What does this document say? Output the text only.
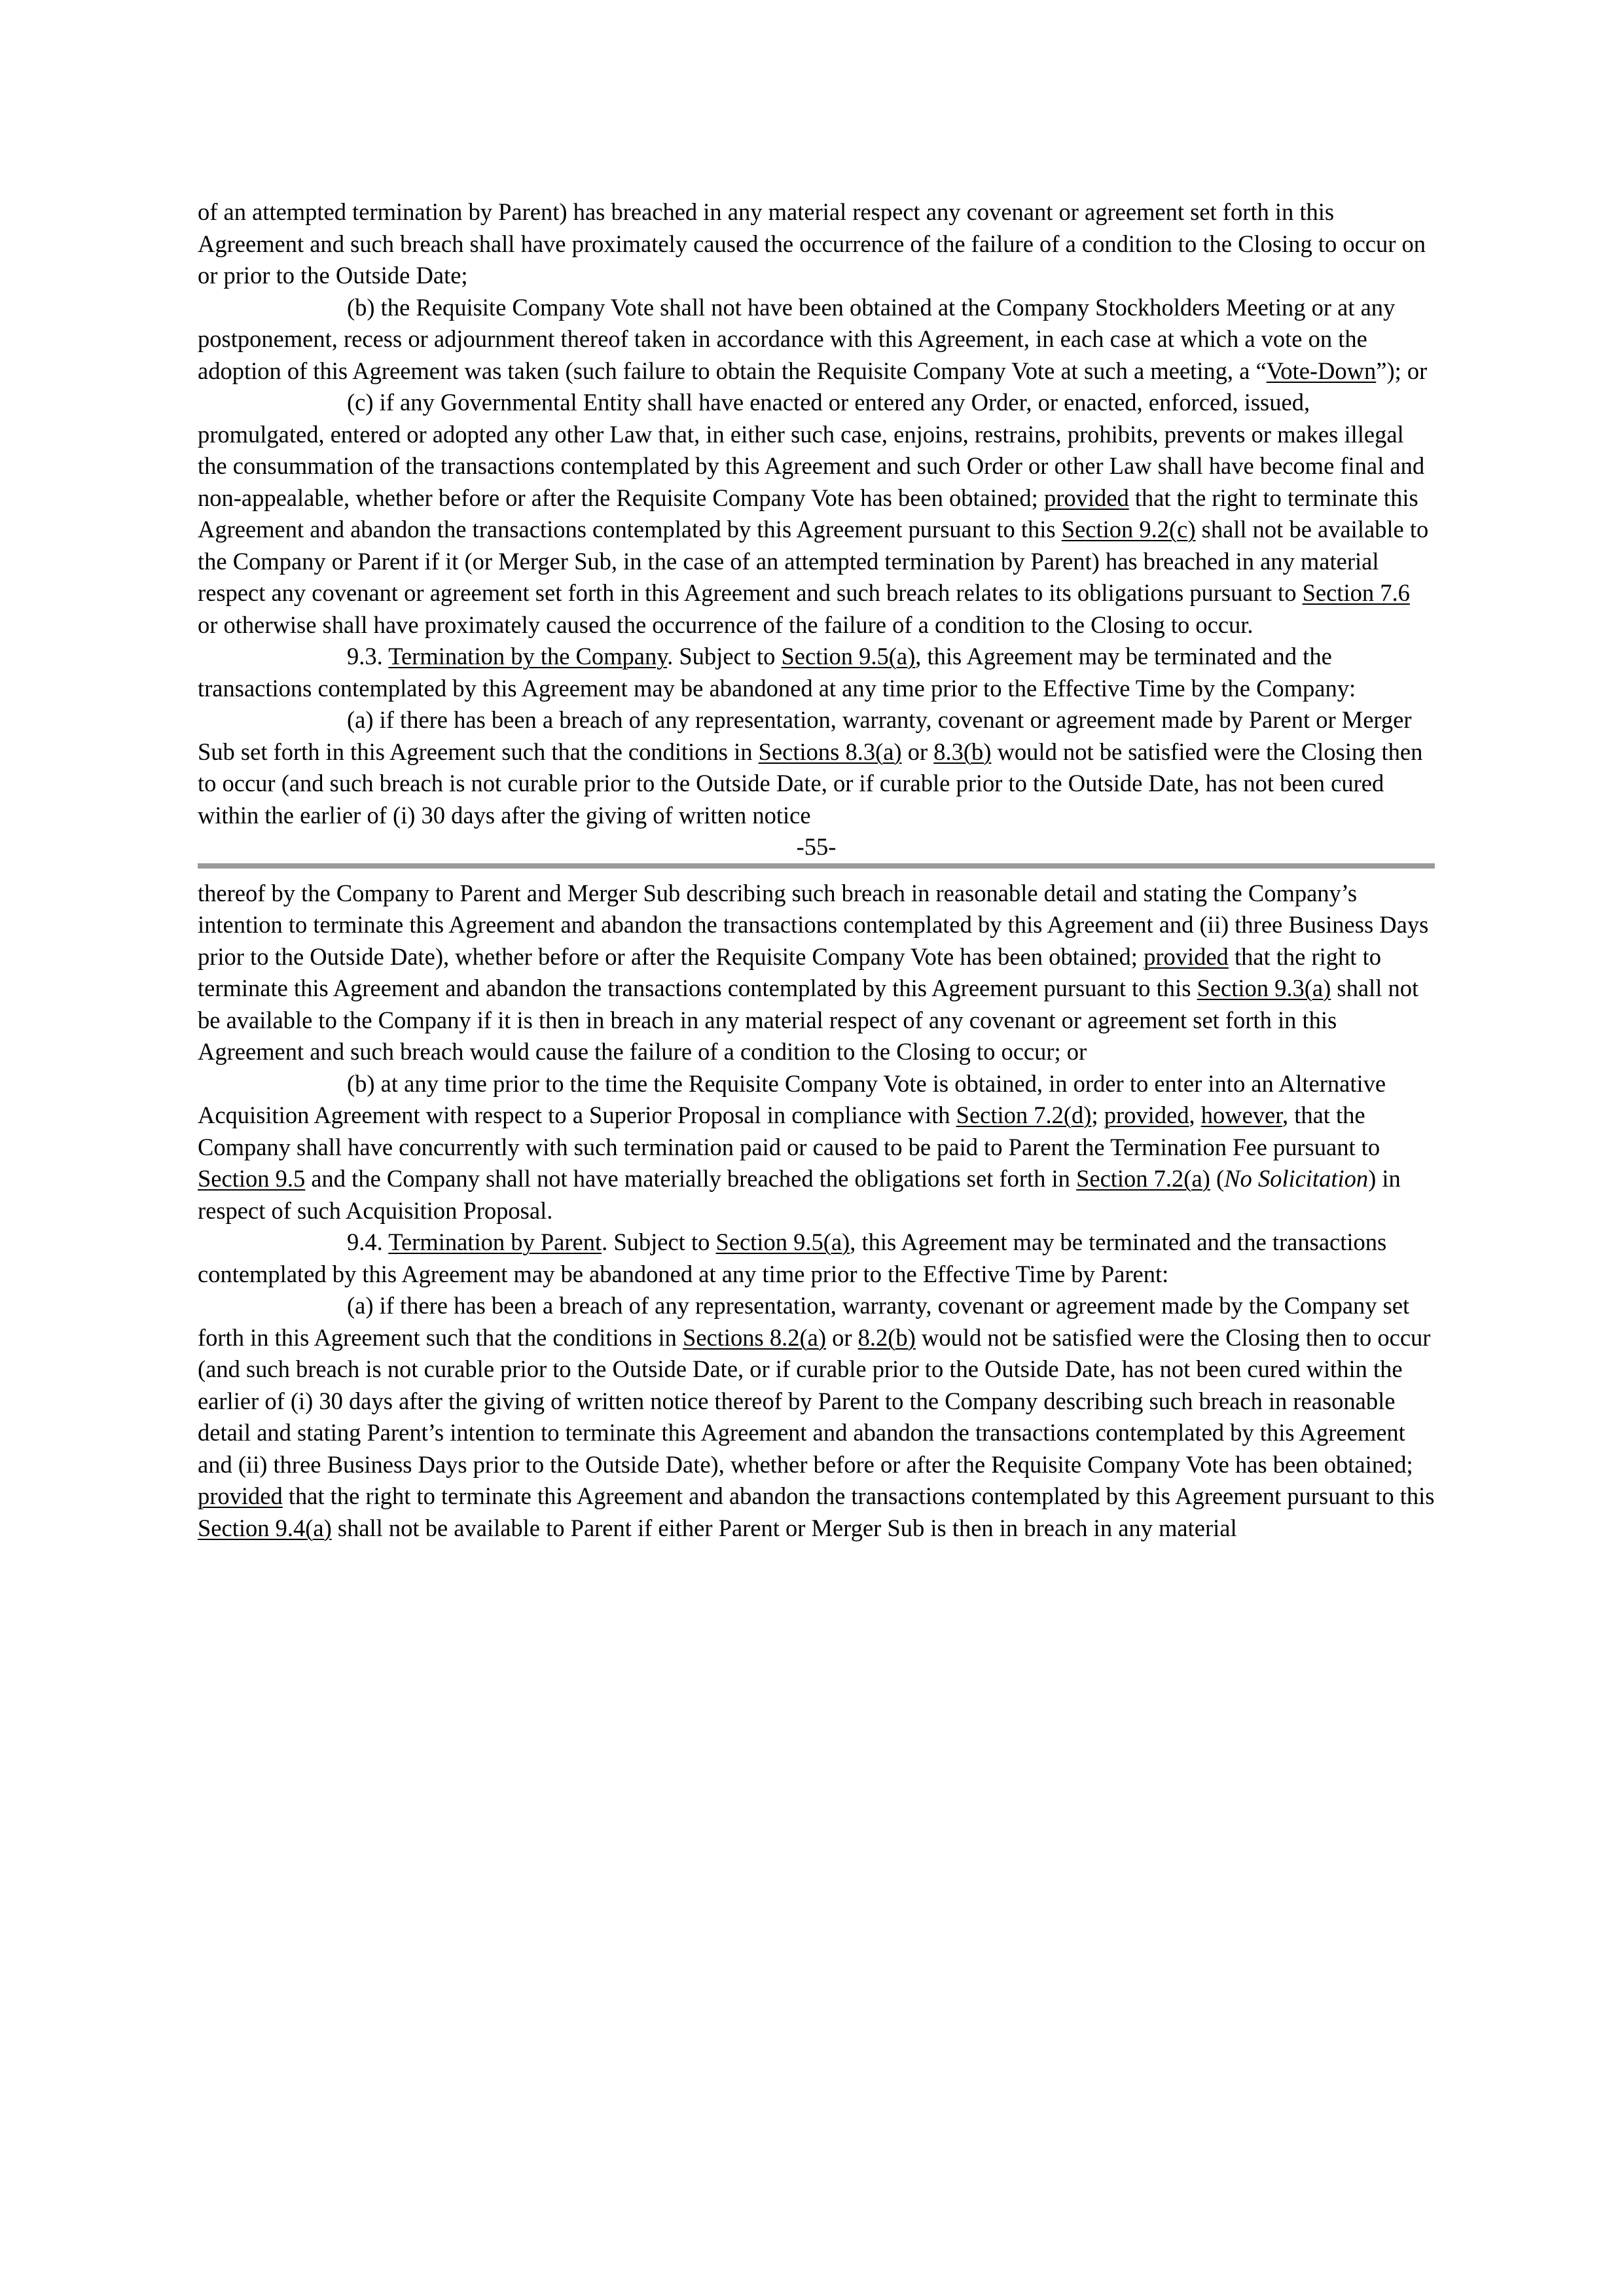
of an attempted termination by Parent) has breached in any material respect any covenant or agreement set forth in this Agreement and such breach shall have proximately caused the occurrence of the failure of a condition to the Closing to occur on or prior to the Outside Date;

(b) the Requisite Company Vote shall not have been obtained at the Company Stockholders Meeting or at any postponement, recess or adjournment thereof taken in accordance with this Agreement, in each case at which a vote on the adoption of this Agreement was taken (such failure to obtain the Requisite Company Vote at such a meeting, a “Vote-Down”); or

(c) if any Governmental Entity shall have enacted or entered any Order, or enacted, enforced, issued, promulgated, entered or adopted any other Law that, in either such case, enjoins, restrains, prohibits, prevents or makes illegal the consummation of the transactions contemplated by this Agreement and such Order or other Law shall have become final and non-appealable, whether before or after the Requisite Company Vote has been obtained; provided that the right to terminate this Agreement and abandon the transactions contemplated by this Agreement pursuant to this Section 9.2(c) shall not be available to the Company or Parent if it (or Merger Sub, in the case of an attempted termination by Parent) has breached in any material respect any covenant or agreement set forth in this Agreement and such breach relates to its obligations pursuant to Section 7.6 or otherwise shall have proximately caused the occurrence of the failure of a condition to the Closing to occur.

9.3. Termination by the Company. Subject to Section 9.5(a), this Agreement may be terminated and the transactions contemplated by this Agreement may be abandoned at any time prior to the Effective Time by the Company:

(a) if there has been a breach of any representation, warranty, covenant or agreement made by Parent or Merger Sub set forth in this Agreement such that the conditions in Sections 8.3(a) or 8.3(b) would not be satisfied were the Closing then to occur (and such breach is not curable prior to the Outside Date, or if curable prior to the Outside Date, has not been cured within the earlier of (i) 30 days after the giving of written notice

-55-

thereof by the Company to Parent and Merger Sub describing such breach in reasonable detail and stating the Company’s intention to terminate this Agreement and abandon the transactions contemplated by this Agreement and (ii) three Business Days prior to the Outside Date), whether before or after the Requisite Company Vote has been obtained; provided that the right to terminate this Agreement and abandon the transactions contemplated by this Agreement pursuant to this Section 9.3(a) shall not be available to the Company if it is then in breach in any material respect of any covenant or agreement set forth in this Agreement and such breach would cause the failure of a condition to the Closing to occur; or

(b) at any time prior to the time the Requisite Company Vote is obtained, in order to enter into an Alternative Acquisition Agreement with respect to a Superior Proposal in compliance with Section 7.2(d); provided, however, that the Company shall have concurrently with such termination paid or caused to be paid to Parent the Termination Fee pursuant to Section 9.5 and the Company shall not have materially breached the obligations set forth in Section 7.2(a) (No Solicitation) in respect of such Acquisition Proposal.

9.4. Termination by Parent. Subject to Section 9.5(a), this Agreement may be terminated and the transactions contemplated by this Agreement may be abandoned at any time prior to the Effective Time by Parent:

(a) if there has been a breach of any representation, warranty, covenant or agreement made by the Company set forth in this Agreement such that the conditions in Sections 8.2(a) or 8.2(b) would not be satisfied were the Closing then to occur (and such breach is not curable prior to the Outside Date, or if curable prior to the Outside Date, has not been cured within the earlier of (i) 30 days after the giving of written notice thereof by Parent to the Company describing such breach in reasonable detail and stating Parent’s intention to terminate this Agreement and abandon the transactions contemplated by this Agreement and (ii) three Business Days prior to the Outside Date), whether before or after the Requisite Company Vote has been obtained; provided that the right to terminate this Agreement and abandon the transactions contemplated by this Agreement pursuant to this Section 9.4(a) shall not be available to Parent if either Parent or Merger Sub is then in breach in any material
